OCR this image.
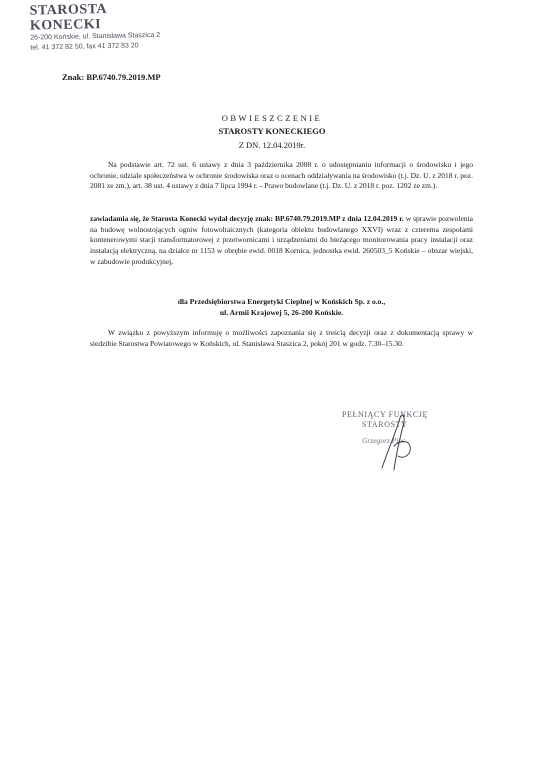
STAROSTA KONECKI
26-200 Końskie, ul. Stanisława Staszica 2
tel. 41 372 82 50, fax 41 372 83 20
Znak: BP.6740.79.2019.MP
OBWIESZCZENIE
STAROSTY KONECKIEGO
Z DN. 12.04.2019r.
Na podstawie art. 72 ust. 6 ustawy z dnia 3 października 2008 r. o udostępnianiu informacji o środowisku i jego ochronie, udziale społeczeństwa w ochronie środowiska oraz o ocenach oddziaływania na środowisko (t.j. Dz. U. z 2018 r. poz. 2081 ze zm.), art. 38 ust. 4 ustawy z dnia 7 lipca 1994 r. - Prawo budowlane (t.j. Dz. U. z 2018 r. poz. 1202 ze zm.).
zawiadamia się, że Starosta Konecki wydał decyzję znak: BP.6740.79.2019.MP z dnia 12.04.2019 r. w sprawie pozwolenia na budowę wolnostojących ogniw fotowoltaicznych (kategoria obiektu budowlanego XXVI) wraz z czterema zespołami kontenerowymi stacji transformatorowej z przetwornicami i urządzeniami do bieżącego monitorowania pracy instalacji oraz instalacją elektryczną, na działce nr 1153 w obrębie ewid. 0018 Kornica, jednostka ewid. 260503_5 Końskie – obszar wiejski, w zabudowie produkcyjnej,
dla Przedsiębiorstwa Energetyki Cieplnej w Końskich Sp. z o.o.,
ul. Armii Krajowej 5, 26-200 Końskie.
W związku z powyższym informuję o możliwości zapoznania się z treścią decyzji oraz z dokumentacją sprawy w siedzibie Starostwa Powiatowego w Końskich, ul. Stanisława Staszica 2, pokój 201 w godz. 7.30–15.30.
PEŁNIĄCY FUNKCJĘ
STAROSTY
Grzegorz Piec
